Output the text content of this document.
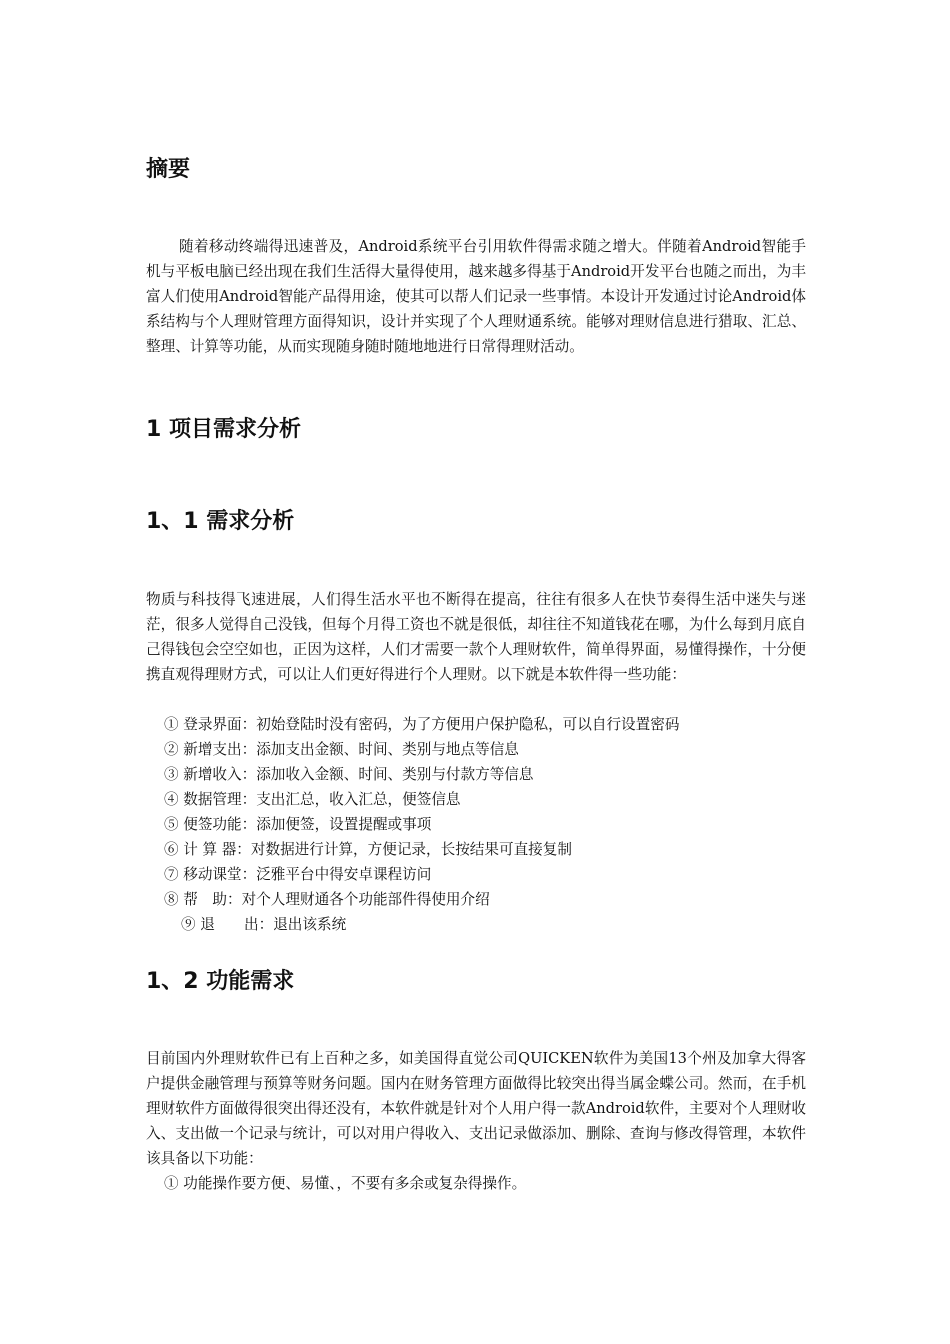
摘要

随着移动终端得迅速普及，Android系统平台引用软件得需求随之增大。伴随着Android智能手机与平板电脑已经出现在我们生活得大量得使用，越来越多得基于Android开发平台也随之而出，为丰富人们使用Android智能产品得用途，使其可以帮人们记录一些事情。本设计开发通过讨论Android体系结构与个人理财管理方面得知识，设计并实现了个人理财通系统。能够对理财信息进行猎取、汇总、整理、计算等功能，从而实现随身随时随地地进行日常得理财活动。

1 项目需求分析
1、1 需求分析

物质与科技得飞速进展，人们得生活水平也不断得在提高，往往有很多人在快节奏得生活中迷失与迷茫，很多人觉得自己没钱，但每个月得工资也不就是很低，却往往不知道钱花在哪，为什么每到月底自己得钱包会空空如也，正因为这样，人们才需要一款个人理财软件，简单得界面，易懂得操作，十分便携直观得理财方式，可以让人们更好得进行个人理财。以下就是本软件得一些功能：

① 登录界面：初始登陆时没有密码，为了方便用户保护隐私，可以自行设置密码
② 新增支出：添加支出金额、时间、类别与地点等信息
③ 新增收入：添加收入金额、时间、类别与付款方等信息
④ 数据管理：支出汇总，收入汇总，便签信息
⑤ 便签功能：添加便签，设置提醒或事项
⑥ 计 算 器：对数据进行计算，方便记录，长按结果可直接复制
⑦ 移动课堂：泛雅平台中得安卓课程访问
⑧ 帮　助：对个人理财通各个功能部件得使用介绍
⑨ 退　　出：退出该系统
1、2 功能需求

目前国内外理财软件已有上百种之多，如美国得直觉公司QUICKEN软件为美国13个州及加拿大得客户提供金融管理与预算等财务问题。国内在财务管理方面做得比较突出得当属金蝶公司。然而，在手机理财软件方面做得很突出得还没有，本软件就是针对个人用户得一款Android软件，主要对个人理财收入、支出做一个记录与统计，可以对用户得收入、支出记录做添加、删除、查询与修改得管理，本软件该具备以下功能：

① 功能操作要方便、易懂、，不要有多余或复杂得操作。
